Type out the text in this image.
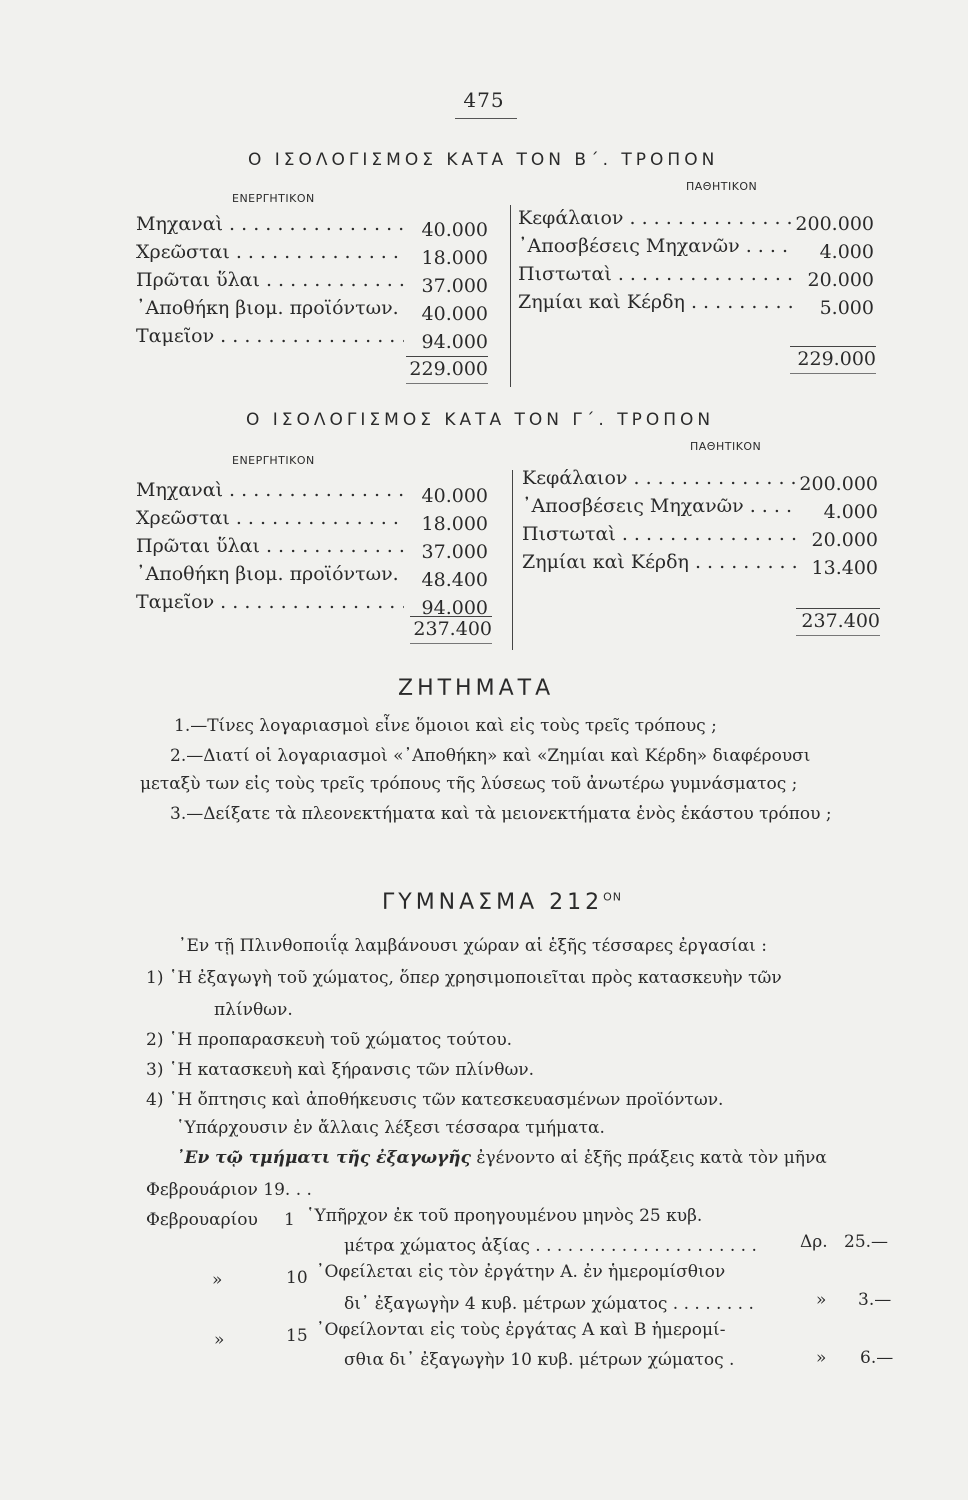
475
Ο ΙΣΟΛΟΓΙΣΜΟΣ ΚΑΤΑ ΤΟΝ Β΄. ΤΡΟΠΟΝ
ΕΝΕΡΓΗΤΙΚΟΝ
ΠΑΘΗΤΙΚΟΝ
Μηχαναὶ . . .	40.000
Χρεῶσται . . .	18.000
Πρῶται ὕλαι . . .	37.000
᾿Αποθήκη βιομ. προϊόντων. . . . 40.000
Ταμεῖον . . .	94.000
229.000
Κεφάλαιον . . .	200.000
᾿Αποσβέσεις Μηχανῶν . . .	4.000
Πιστωταὶ . . .	20.000
Ζημίαι καὶ Κέρδη . . .	5.000
229.000
Ο ΙΣΟΛΟΓΙΣΜΟΣ ΚΑΤΑ ΤΟΝ Γ΄. ΤΡΟΠΟΝ
ΕΝΕΡΓΗΤΙΚΟΝ
ΠΑΘΗΤΙΚΟΝ
Μηχαναὶ . . .	40.000
Χρεῶσται . . .	18.000
Πρῶται ὕλαι . . .	37.000
᾿Αποθήκη βιομ. προϊόντων. . . . 48.400
Ταμεῖον . . .	94.000
237.400
Κεφάλαιον . . .	200.000
᾿Αποσβέσεις Μηχανῶν . . .	4.000
Πιστωταὶ . . .	20.000
Ζημίαι καὶ Κέρδη . . .	13.400
237.400
ΖΗΤΗΜΑΤΑ
1.—Τίνες λογαριασμοὶ εἶνε ὅμοιοι καὶ εἰς τοὺς τρεῖς τρόπους ;
2.—Διατί οἱ λογαριασμοὶ «᾿Αποθήκη» καὶ «Ζημίαι καὶ Κέρδη» διαφέρουσι
μεταξὺ των εἰς τοὺς τρεῖς τρόπους τῆς λύσεως τοῦ ἀνωτέρω γυμνάσματος ;
3.—Δείξατε τὰ πλεονεκτήματα καὶ τὰ μειονεκτήματα ἑνὸς ἑκάστου τρόπου ;
ΓΥΜΝΑΣΜΑ $212^{ON}$
᾿Εν τῇ Πλινθοποιΐᾳ λαμβάνουσι χώραν αἱ ἑξῆς τέσσαρες ἐργασίαι :
1) ῾Η ἐξαγωγὴ τοῦ χώματος, ὅπερ χρησιμοποιεῖται πρὸς κατασκευὴν τῶν
πλίνθων.
2) ῾Η προπαρασκευὴ τοῦ χώματος τούτου.
3) ῾Η κατασκευὴ καὶ ξήρανσις τῶν πλίνθων.
4) ῾Η ὄπτησις καὶ ἀποθήκευσις τῶν κατεσκευασμένων προϊόντων.
῾Υπάρχουσιν ἐν ἄλλαις λέξεσι τέσσαρα τμήματα.
᾿Εν τῷ τμήματι τῆς ἐξαγωγῆς ἐγένοντο αἱ ἑξῆς πράξεις κατὰ τὸν μῆνα
Φεβρουάριον 19. . .
Φεβρουαρίου 1 ῾Υπῆρχον ἐκ τοῦ προηγουμένου μηνὸς 25 κυβ.
μέτρα χώματος ἀξίας . . . . . . . . . . . . . . . . . . . . .	Δρ. 25.—
»	10 ᾿Οφείλεται εἰς τὸν ἐργάτην Α. ἐν ἡμερομίσθιον
δι᾿ ἐξαγωγὴν 4 κυβ. μέτρων χώματος . . . . . . . .	» 3.—
»	15 ᾿Οφείλονται εἰς τοὺς ἐργάτας Α καὶ Β ἡμερομί-
σθια δι᾿ ἐξαγωγὴν 10 κυβ. μέτρων χώματος .	» 6.—
